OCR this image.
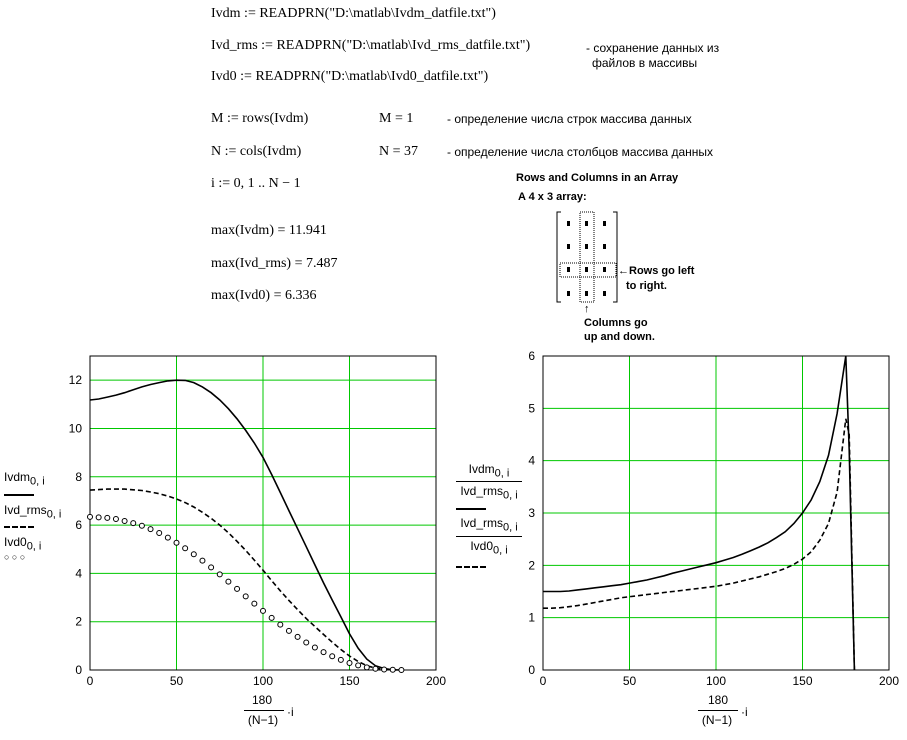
Ivdm := READPRN("D:\matlab\Ivdm_datfile.txt")
Ivd_rms := READPRN("D:\matlab\Ivd_rms_datfile.txt")
Ivd0 := READPRN("D:\matlab\Ivd0_datfile.txt")
- сохранение данных из
файлов в массивы
M := rows(Ivdm)	M = 1	- определение числа строк массива данных
N := cols(Ivdm)	N = 37 - определение числа столбцов массива данных
i := 0, 1 .. N − 1
max(Ivdm) = 11.941
max(Ivd_rms) = 7.487
max(Ivd0) = 6.336
Rows and Columns in an Array
A 4 x 3 array:
←Rows go left
to right.
↑
Columns go
up and down.
Ivdm$_{0, i}$
Ivd_rms$_{0, i}$
$Ivd0_{0, i}$
○ ○ ○
Ivdm$_{0, i}$
Ivd_rms$_{0, i}$
Ivd_rms$_{0, i}$
$Ivd0_{0, i}$
0	50	100	150	200
0
2
4
6
8
10
12
0	50	100	150	200
0
1
2
3
4
5
6
180
(N−1)
·i
180
(N−1)
·i
